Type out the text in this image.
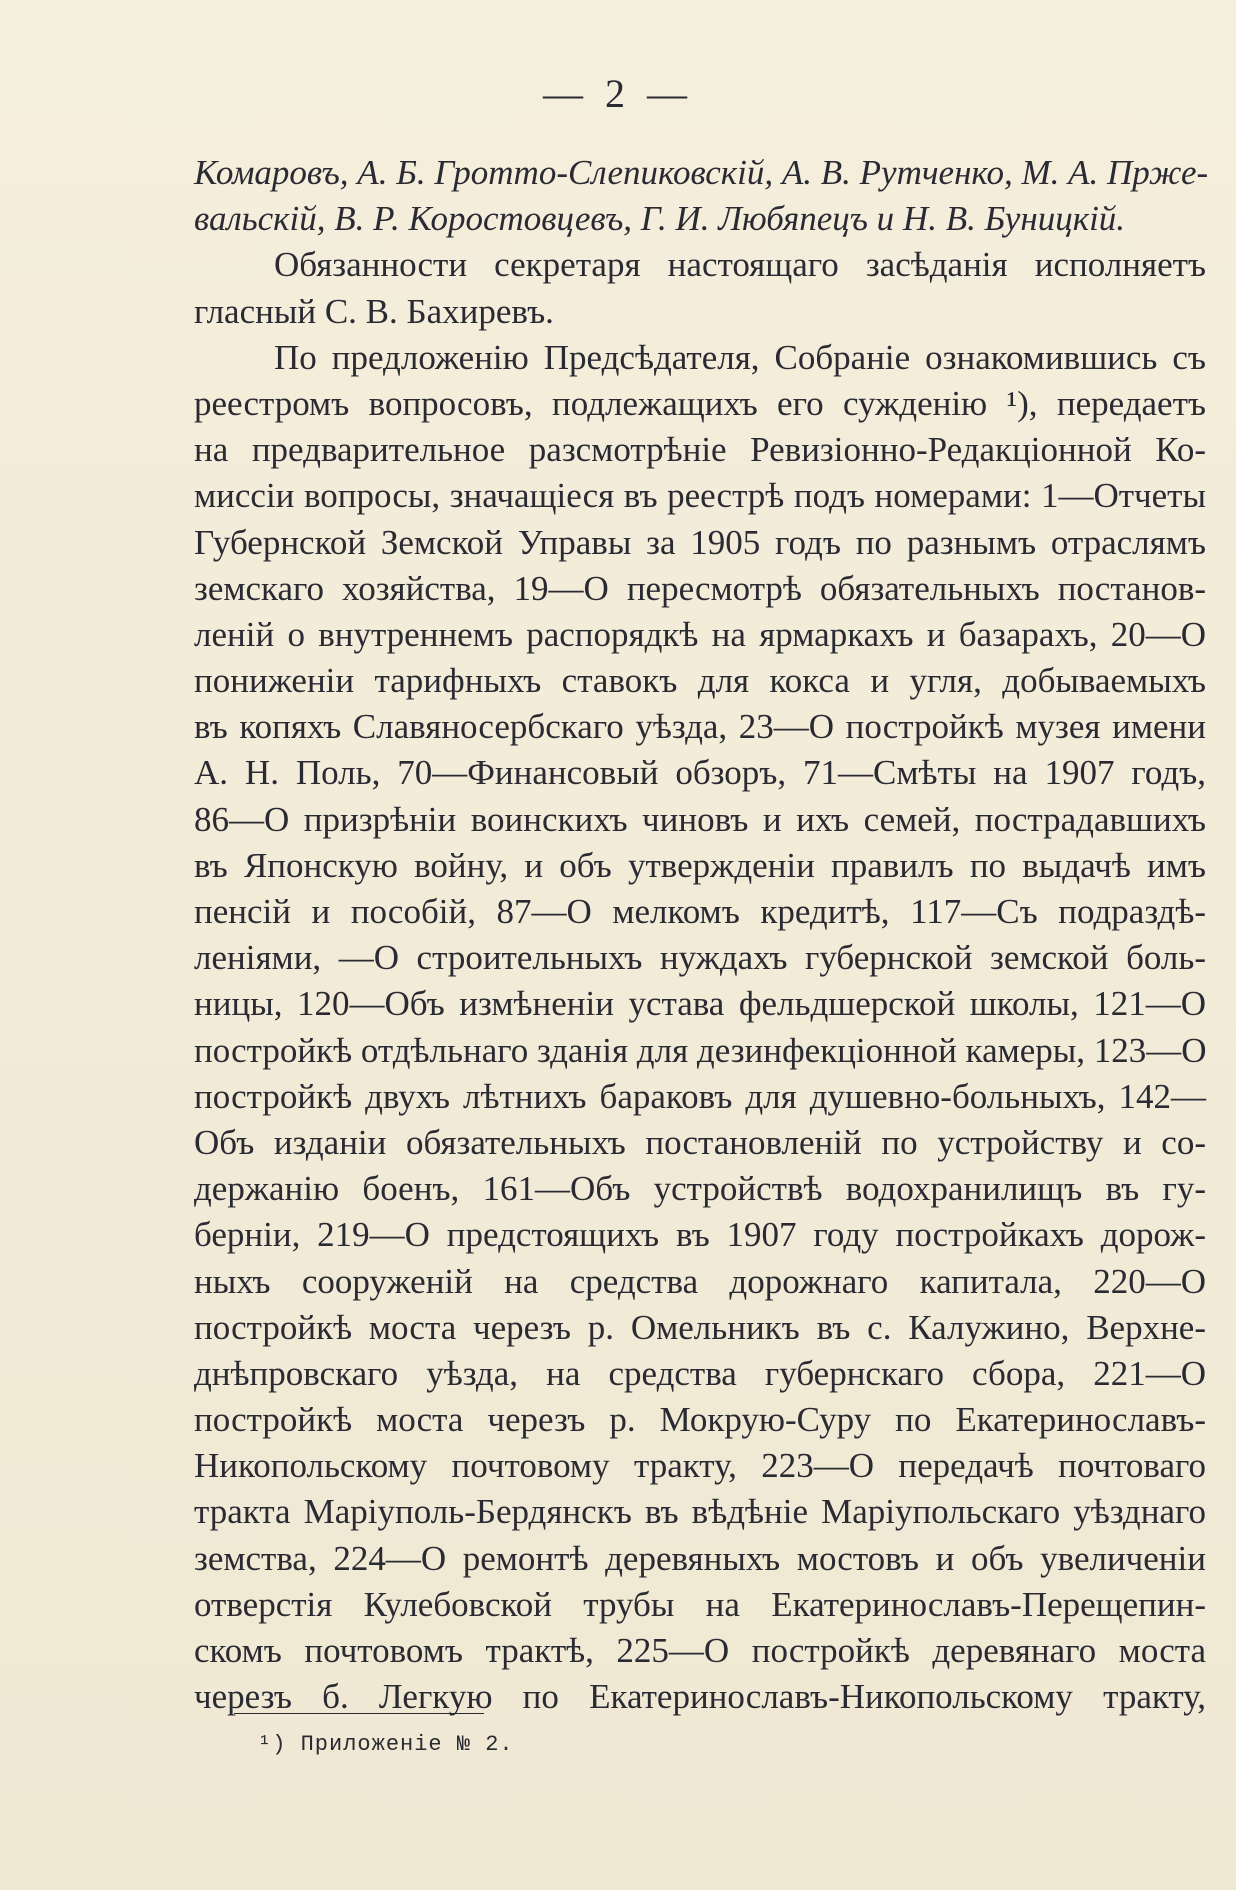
— 2 —
Комаровъ, А. Б. Гротто-Слепиковскій, А. В. Рутченко, М. А. Прже-
вальскій, В. Р. Коростовцевъ, Г. И. Любяпецъ и Н. В. Буницкій.
Обязанности секретаря настоящаго засѣданія исполняетъ
гласный С. В. Бахиревъ.
По предложенію Предсѣдателя, Собраніе ознакомившись съ
реестромъ вопросовъ, подлежащихъ его сужденію ¹), передаетъ
на предварительное разсмотрѣніе Ревизіонно-Редакціонной Ко-
миссіи вопросы, значащіеся въ реестрѣ подъ номерами: 1—Отчеты
Губернской Земской Управы за 1905 годъ по разнымъ отраслямъ
земскаго хозяйства, 19—О пересмотрѣ обязательныхъ постанов-
леній о внутреннемъ распорядкѣ на ярмаркахъ и базарахъ, 20—О
пониженіи тарифныхъ ставокъ для кокса и угля, добываемыхъ
въ копяхъ Славяносербскаго уѣзда, 23—О постройкѣ музея имени
А. Н. Поль, 70—Финансовый обзоръ, 71—Смѣты на 1907 годъ,
86—О призрѣніи воинскихъ чиновъ и ихъ семей, пострадавшихъ
въ Японскую войну, и объ утвержденіи правилъ по выдачѣ имъ
пенсій и пособій, 87—О мелкомъ кредитѣ, 117—Съ подраздѣ-
леніями, —О строительныхъ нуждахъ губернской земской боль-
ницы, 120—Объ измѣненіи устава фельдшерской школы, 121—О
постройкѣ отдѣльнаго зданія для дезинфекціонной камеры, 123—О
постройкѣ двухъ лѣтнихъ бараковъ для душевно-больныхъ, 142—
Объ изданіи обязательныхъ постановленій по устройству и со-
держанію боенъ, 161—Объ устройствѣ водохранилищъ въ гу-
берніи, 219—О предстоящихъ въ 1907 году постройкахъ дорож-
ныхъ сооруженій на средства дорожнаго капитала, 220—О
постройкѣ моста черезъ р. Омельникъ въ с. Калужино, Верхне-
днѣпровскаго уѣзда, на средства губернскаго сбора, 221—О
постройкѣ моста черезъ р. Мокрую-Суру по Екатеринославъ-
Никопольскому почтовому тракту, 223—О передачѣ почтоваго
тракта Маріуполь-Бердянскъ въ вѣдѣніе Маріупольскаго уѣзднаго
земства, 224—О ремонтѣ деревяныхъ мостовъ и объ увеличеніи
отверстія Кулебовской трубы на Екатеринославъ-Перещепин-
скомъ почтовомъ трактѣ, 225—О постройкѣ деревянаго моста
черезъ б. Легкую по Екатеринославъ-Никопольскому тракту,
¹) Приложеніе № 2.
